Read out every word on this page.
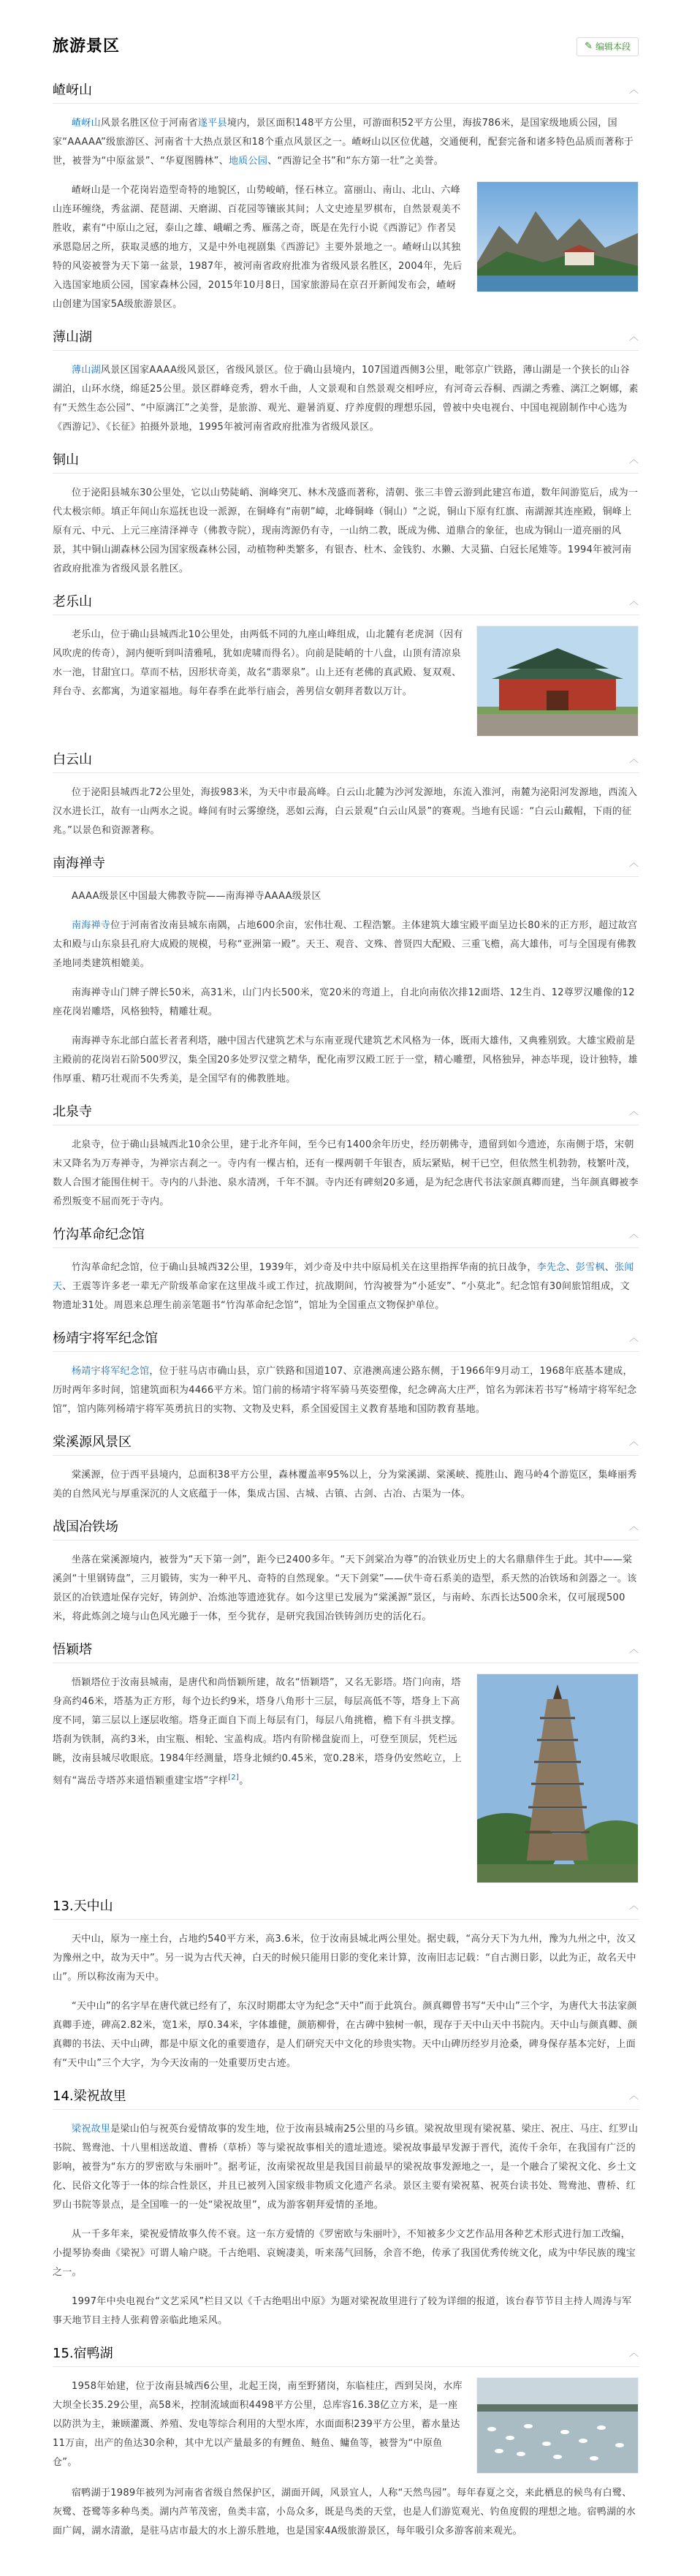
旅游景区	✎ 编辑本段
嵖岈山	︿

嵖岈山风景名胜区位于河南省遂平县境内，景区面积148平方公里，可游面积52平方公里，海拔786米，是国家级地质公园，国家“AAAAA”级旅游区、河南省十大热点景区和18个重点风景区之一。嵖岈山以区位优越，交通便利，配套完备和诸多特色品质而著称于世，被誉为“中原盆景”、“华夏图腾林”、地质公园、“西游记全书”和“东方第一壮”之美誉。

嵖岈山是一个花岗岩造型奇特的地貌区，山势峻峭，怪石林立。富丽山、南山、北山、六峰山连环缠绕，秀盆湖、琵琶湖、天磨湖、百花园等镶嵌其间；人文史迹星罗棋布，自然景观美不胜收，素有“中原山之冠，泰山之雄、峨嵋之秀、雁荡之奇，既是在先行小说《西游记》作者吴承恩隐居之所，获取灵感的地方，又是中外电视剧集《西游记》主要外景地之一。嵖岈山以其独特的风姿被誉为天下第一盆景，1987年，被河南省政府批准为省级风景名胜区，2004年，先后入选国家地质公园，国家森林公园，2015年10月8日，国家旅游局在京召开新闻发布会，嵖岈山创建为国家5A级旅游景区。

薄山湖	︿

薄山湖风景区国家AAAA级风景区，省级风景区。位于确山县境内，107国道西侧3公里，毗邻京广铁路，薄山湖是一个狭长的山谷湖泊，山环水绕，绵延25公里。景区群峰竞秀，碧水千曲，人文景观和自然景观交相呼应，有河奇云吞桐、西湖之秀雅、漓江之婀娜，素有“天然生态公园”、“中原漓江”之美誉，是旅游、观光、避暑消夏、疗养度假的理想乐园，曾被中央电视台、中国电视剧制作中心选为《西游记》、《长征》拍摄外景地，1995年被河南省政府批准为省级风景区。

铜山	︿

位于泌阳县城东30公里处，它以山势陡峭、涧峰突兀、林木茂盛而著称，清朝、张三丰曾云游到此建宫布道，数年间游览后，成为一代太极宗师。填正年间山东巡抚也设一派源，在铜峰有“南朝”嶂，北峰铜峰（铜山）“之说，铜山下原有红旗、南湖源其连座殿，铜峰上原有元、中元、上元三座清泽禅寺（佛教寺院），现南湾源仍有寺，一山纳二教，既成为佛、道鼎合的象征，也成为铜山一道亮丽的风景，其中铜山湖森林公园为国家级森林公园，动植物种类繁多，有银杏、杜木、金钱豹、水獭、大灵猫、白冠长尾雉等。1994年被河南省政府批准为省级风景名胜区。

老乐山	︿

老乐山，位于确山县城西北10公里处，由两低不同的九座山峰组成，山北麓有老虎洞（因有风吹虎的传奇），洞内便听到叫清雅吼，犹如虎啸而得名）。向前是陡峭的十八盘，山顶有清凉泉水一池，甘甜宜口。草而不枯，因形状奇美，故名“翡翠泉”。山上还有老佛的真武殿、复双观、拜台寺、玄都寓，为道家福地。每年春季在此举行庙会，善男信女朝拜者数以万计。

白云山	︿

位于泌阳县城西北72公里处，海拔983米，为天中市最高峰。白云山北麓为沙河发源地，东流入淮河，南麓为泌阳河发源地，西流入汉水进长江，故有一山两水之说。峰间有时云雾缭绕，恶如云海，白云景观“白云山风景”的赛观。当地有民谣：“白云山戴帽，下雨的征兆。”以景色和资源著称。

南海禅寺	︿

AAAA级景区中国最大佛教寺院——南海禅寺AAAA级景区

南海禅寺位于河南省汝南县城东南隅，占地600余亩，宏伟壮观、工程浩繁。主体建筑大雄宝殿平面呈边长80米的正方形，超过故宫太和殿与山东泉县孔府大成殿的规模，号称“亚洲第一殿”。天王、观音、文殊、普贤四大配殿、三重飞檐，高大雄伟，可与全国现有佛教圣地同类建筑相媲美。

南海禅寺山门牌子牌长50米，高31米，山门内长500米，宽20米的弯道上，自北向南依次排12面塔、12生肖、12尊罗汉雕像的12座花岗岩雕塔，风格独特，精雕壮观。

南海禅寺东北部白蓝长者者利塔，融中国古代建筑艺术与东南亚现代建筑艺术风格为一体，既雨大雄伟，又典雅别致。大雄宝殿前是主殿前的花岗岩石阶500罗汉，集全国20多处罗汉堂之精华，配化南罗汉殿工匠于一堂，精心雕塑，风格独异，神态毕现，设计独特，雄伟厚重、精巧壮观而不失秀美，是全国罕有的佛教胜地。

北泉寺	︿

北泉寺，位于确山县城西北10余公里，建于北齐年间，至今已有1400余年历史，经历朝佛寺，遗留到如今遗迹，东南侧于塔，宋朝末又降名为万寿禅寺，为禅宗古刹之一。寺内有一棵古柏，还有一棵两朝千年银杏，质坛紧贴，树干已空，但依然生机勃勃，枝繁叶茂，数人合围才能围住树干。寺内的八卦池、泉水清冽，千年不涸。寺内还有碑刻20多通，是为纪念唐代书法家颜真卿而建，当年颜真卿被李希烈叛变不屈而死于寺内。

竹沟革命纪念馆	︿

竹沟革命纪念馆，位于确山县城西32公里，1939年，刘少奇及中共中原局机关在这里指挥华南的抗日战争，李先念、彭雪枫、张闻天、王震等许多老一辈无产阶级革命家在这里战斗或工作过，抗战期间，竹沟被誉为“小延安”、“小莫北”。纪念馆有30间旅馆组成，文物遗址31处。周恩来总理生前亲笔题书“竹沟革命纪念馆”，馆址为全国重点文物保护单位。

杨靖宇将军纪念馆	︿

杨靖宇将军纪念馆，位于驻马店市确山县，京广铁路和国道107、京港澳高速公路东侧，于1966年9月动工，1968年底基本建成，历时两年多时间，馆建筑面积为4466平方米。馆门前的杨靖宇将军骑马英姿塑像，纪念碑高大庄严，馆名为郭沫若书写“杨靖宇将军纪念馆”，馆内陈列杨靖宇将军英勇抗日的实物、文物及史料，系全国爱国主义教育基地和国防教育基地。

棠溪源风景区	︿

棠溪源，位于西平县境内，总面积38平方公里，森林覆盖率95%以上，分为棠溪湖、棠溪峡、揽胜山、跑马岭4个游览区，集峰丽秀美的自然风光与厚重深沉的人文底蕴于一体，集成古国、古城、古镇、古剑、古冶、古渠为一体。

战国冶铁场	︿

坐落在棠溪源境内，被誉为“天下第一剑”，距今已2400多年。“天下剑棠冶为尊”的冶铁业历史上的大名鼎鼎伴生于此。其中——棠溪剑“十里钢铸盘”，三月锻铸，实为一种平凡、奇特的自然现象。“天下剑棠”——伏牛奇石系美的造型，系天然的冶铁场和剑器之一。该景区的冶铁遗址保存完好，铸剑炉、冶炼池等遗迹犹存。如今这里已发展为“棠溪源”景区，与南岭、东西长达500余米，仅可展现500米，将此炼剑之境与山色风光融于一体，至今犹存，是研究我国冶铁铸剑历史的活化石。

悟颖塔	︿

悟颖塔位于汝南县城南，是唐代和尚悟颖所建，故名“悟颖塔”，又名无影塔。塔门向南，塔身高约46米，塔基为正方形，每个边长约9米，塔身八角形十三层，每层高低不等，塔身上下高度不同，第三层以上逐层收缩。塔身正面自下而上每层有门，每层八角挑檐，檐下有斗拱支撑。塔刹为铁制，高约3米，由宝瓶、相轮、宝盖构成。塔内有阶梯盘旋而上，可登至顶层，凭栏远眺，汝南县城尽收眼底。1984年经测量，塔身北倾约0.45米，宽0.28米，塔身仍安然屹立，上刻有“嵩岳寺塔苏来道悟颖重建宝塔”字样[2]。

13.天中山	︿

天中山，原为一座土台，占地约540平方米，高3.6米，位于汝南县城北两公里处。据史载，“高分天下为九州，豫为九州之中，汝又为豫州之中，故为天中”。另一说为古代天神，白天的时候只能用日影的变化来计算，汝南旧志记载：“自古测日影，以此为正，故名天中山”。所以称汝南为天中。

“天中山”的名字早在唐代就已经有了，东汉时期郡太守为纪念“天中”而于此筑台。颜真卿曾书写“天中山”三个字，为唐代大书法家颜真卿手迹，碑高2.82米，宽1米，厚0.34米，字体雄健，颜筋柳骨，在古碑中独树一帜，现存于天中山天中书院内。天中山与颜真卿、颜真卿的书法、天中山碑，都是中原文化的重要遗存，是人们研究天中文化的珍贵实物。天中山碑历经岁月沧桑，碑身保存基本完好，上面有“天中山”三个大字，为今天汝南的一处重要历史古迹。

14.梁祝故里	︿

梁祝故里是梁山伯与祝英台爱情故事的发生地，位于汝南县城南25公里的马乡镇。梁祝故里现有梁祝墓、梁庄、祝庄、马庄、红罗山书院、鸳鸯池、十八里相送故道、曹桥（草桥）等与梁祝故事相关的遗址遗迹。梁祝故事最早发源于晋代，流传千余年，在我国有广泛的影响，被誉为“东方的罗密欧与朱丽叶”。据考证，汝南梁祝故里是我国目前最早的梁祝故事发源地之一，是一个融合了梁祝文化、乡土文化、民俗文化等于一体的综合性景区，并且已被列入国家级非物质文化遗产名录。景区主要有梁祝墓、祝英台读书处、鸳鸯池、曹桥、红罗山书院等景点，是全国唯一的一处“梁祝故里”，成为游客朝拜爱情的圣地。

从一千多年来，梁祝爱情故事久传不衰。这一东方爱情的《罗密欧与朱丽叶》，不知被多少文艺作品用各种艺术形式进行加工改编，小提琴协奏曲《梁祝》可谓人喻户晓。千古绝唱、哀婉凄美，听来荡气回肠，余音不绝，传承了我国优秀传统文化，成为中华民族的瑰宝之一。

1997年中央电视台“文艺采风”栏目又以《千古绝唱出中原》为题对梁祝故里进行了较为详细的报道，该台春节节目主持人周涛与军事天地节目主持人张莉曾亲临此地采风。

15.宿鸭湖	︿

1958年始建，位于汝南县城西6公里，北起王岗，南至野猪岗，东临桂庄，西到吴岗，水库大坝全长35.29公里，高58米，控制流域面积4498平方公里，总库容16.38亿立方米，是一座以防洪为主，兼顾灌溉、养殖、发电等综合利用的大型水库，水面面积239平方公里，蓄水量达11万亩，出产的鱼达30余种，其中尤以产量最多的有鲤鱼、鲢鱼、鳙鱼等，被誉为“中原鱼仓”。

宿鸭湖于1989年被列为河南省省级自然保护区，湖面开阔，风景宜人，人称“天然鸟园”。每年春夏之交，来此栖息的候鸟有白鹭、灰鹭、苍鹭等多种鸟类。湖内芦苇茂密，鱼类丰富，小岛众多，既是鸟类的天堂，也是人们游览观光、钓鱼度假的理想之地。宿鸭湖的水面广阔，湖水清澈，是驻马店市最大的水上游乐胜地，也是国家4A级旅游景区，每年吸引众多游客前来观光。
